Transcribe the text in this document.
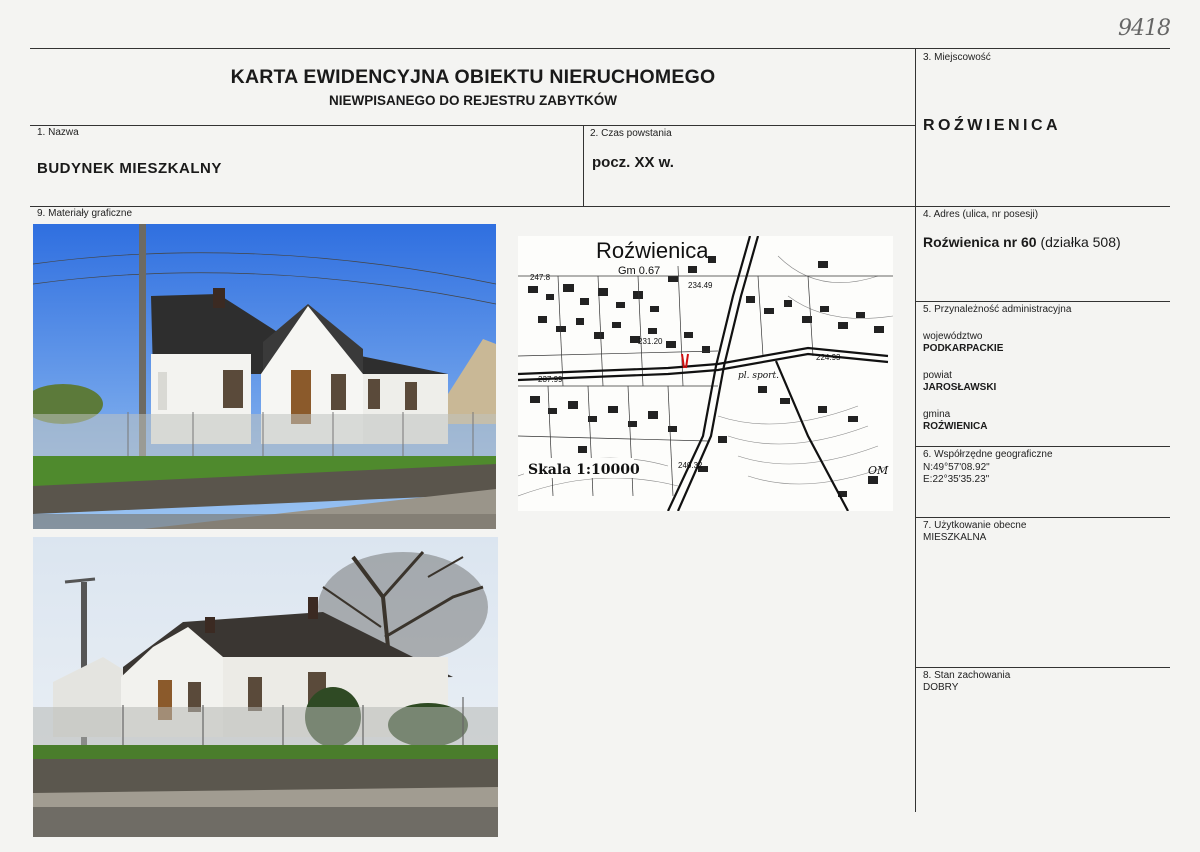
9418
KARTA EWIDENCYJNA OBIEKTU NIERUCHOMEGO
NIEWPISANEGO DO REJESTRU ZABYTKÓW
1. Nazwa
BUDYNEK MIESZKALNY
2. Czas powstania
pocz. XX w.
3. Miejscowość
ROŹWIENICA
9. Materiały graficzne	4. Adres (ulica, nr posesji)
Roźwienica nr 60 (działka 508)
5. Przynależność administracyjna
województwo
PODKARPACKIE
powiat
JAROSŁAWSKI
gmina
ROŹWIENICA
6. Współrzędne geograficzne
N:49°57'08.92"
E:22°35'35.23"
7. Użytkowanie obecne
MIESZKALNA
8. Stan zachowania
DOBRY
Roźwienica
Gm 0.67
234.49
231.20
224.93
237.99
240.32
247.8
pl. sport.
OM
Skala 1:10000
